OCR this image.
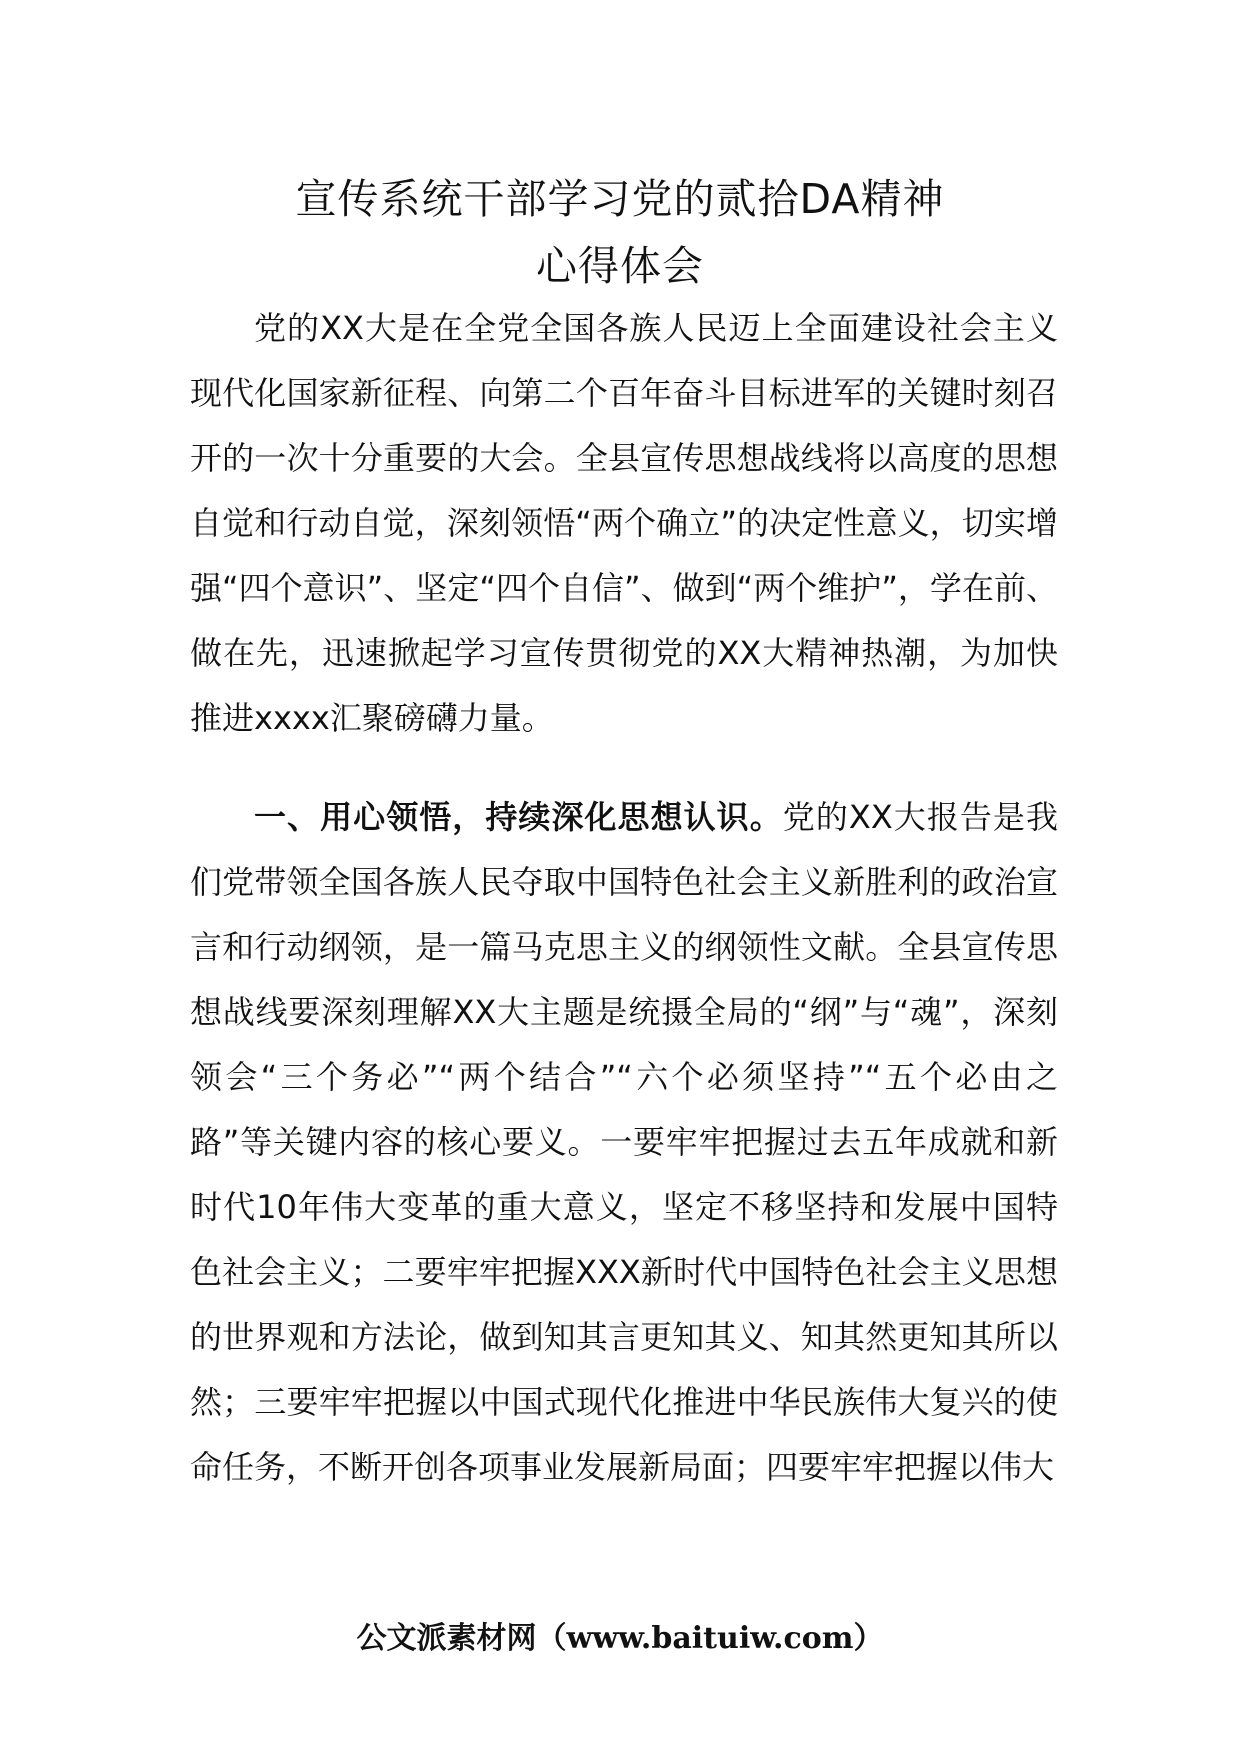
宣传系统干部学习党的贰拾DA精神
心得体会

党的XX大是在全党全国各族人民迈上全面建设社会主义现代化国家新征程、向第二个百年奋斗目标进军的关键时刻召开的一次十分重要的大会。全县宣传思想战线将以高度的思想自觉和行动自觉，深刻领悟“两个确立”的决定性意义，切实增强“四个意识”、坚定“四个自信”、做到“两个维护”，学在前、做在先，迅速掀起学习宣传贯彻党的XX大精神热潮，为加快推进xxxx汇聚磅礴力量。

一、用心领悟，持续深化思想认识。党的XX大报告是我们党带领全国各族人民夺取中国特色社会主义新胜利的政治宣言和行动纲领，是一篇马克思主义的纲领性文献。全县宣传思想战线要深刻理解XX大主题是统摄全局的“纲”与“魂”，深刻领会“三个务必”“两个结合”“六个必须坚持”“五个必由之路”等关键内容的核心要义。一要牢牢把握过去五年成就和新时代10年伟大变革的重大意义，坚定不移坚持和发展中国特色社会主义；二要牢牢把握XXX新时代中国特色社会主义思想的世界观和方法论，做到知其言更知其义、知其然更知其所以然；三要牢牢把握以中国式现代化推进中华民族伟大复兴的使命任务，不断开创各项事业发展新局面；四要牢牢把握以伟大

公文派素材网（www.baituiw.com）
